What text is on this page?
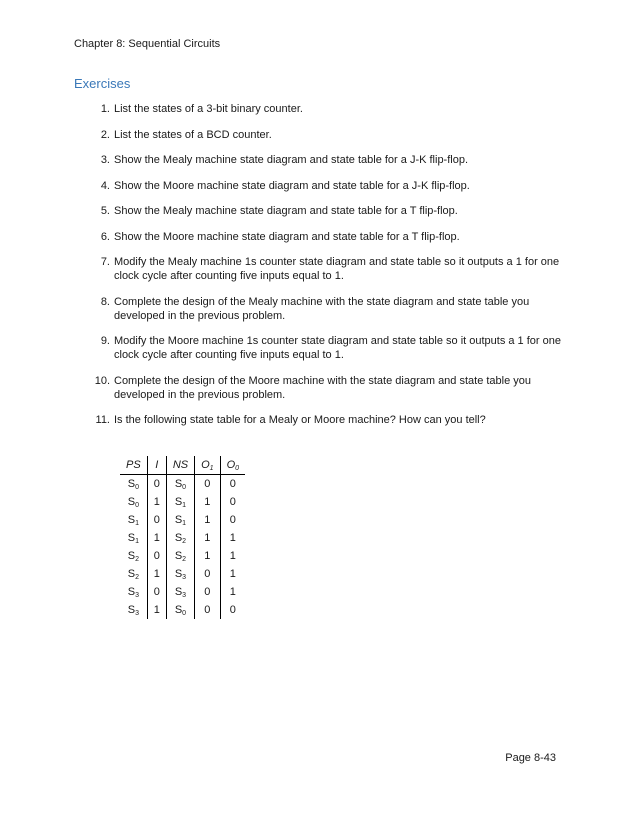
Chapter 8: Sequential Circuits
Exercises
1. List the states of a 3-bit binary counter.
2. List the states of a BCD counter.
3. Show the Mealy machine state diagram and state table for a J-K flip-flop.
4. Show the Moore machine state diagram and state table for a J-K flip-flop.
5. Show the Mealy machine state diagram and state table for a T flip-flop.
6. Show the Moore machine state diagram and state table for a T flip-flop.
7. Modify the Mealy machine 1s counter state diagram and state table so it outputs a 1 for one clock cycle after counting five inputs equal to 1.
8. Complete the design of the Mealy machine with the state diagram and state table you developed in the previous problem.
9. Modify the Moore machine 1s counter state diagram and state table so it outputs a 1 for one clock cycle after counting five inputs equal to 1.
10. Complete the design of the Moore machine with the state diagram and state table you developed in the previous problem.
11. Is the following state table for a Mealy or Moore machine? How can you tell?
PS	I	NS	$O_1$	$O_0$
$S_0$	0	$S_0$	0	0
$S_0$	1	$S_1$	1	0
$S_1$	0	$S_1$	1	0
$S_1$	1	$S_2$	1	1
$S_2$	0	$S_2$	1	1
$S_2$	1	$S_3$	0	1
$S_3$	0	$S_3$	0	1
$S_3$	1	$S_0$	0	0
Page 8-43
